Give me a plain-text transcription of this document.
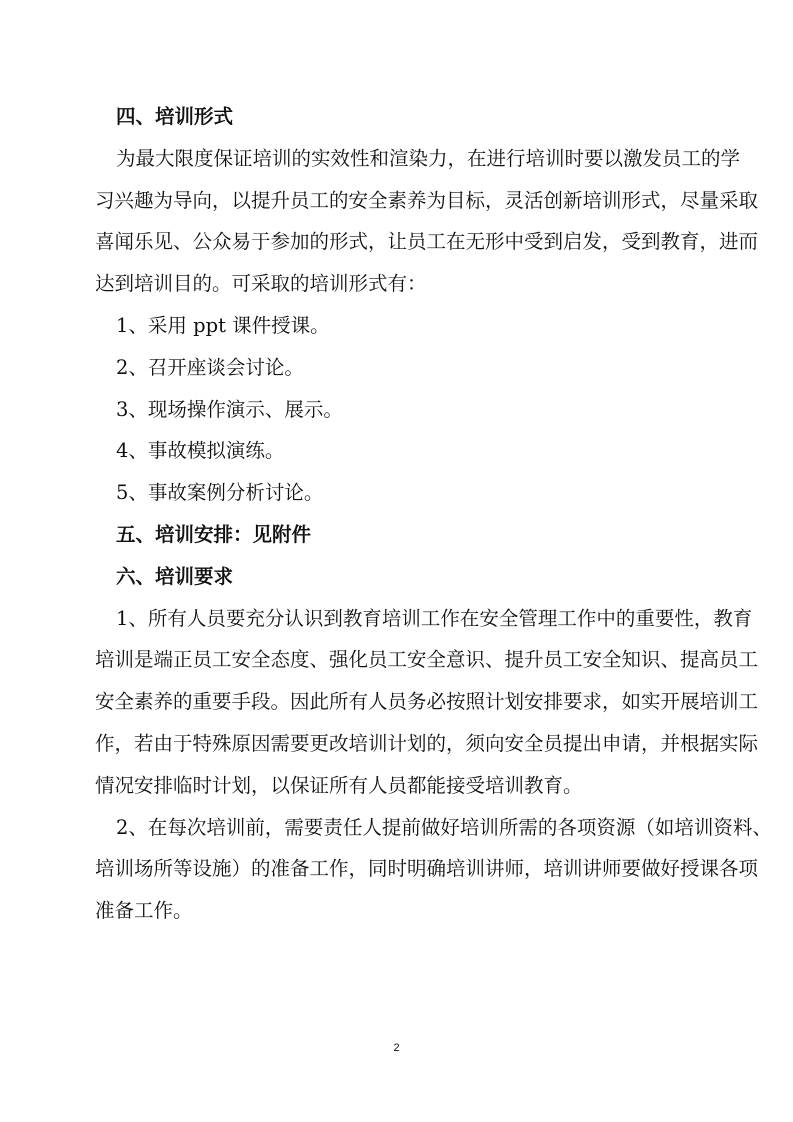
四、培训形式
为最大限度保证培训的实效性和渲染力，在进行培训时要以激发员工的学
习兴趣为导向，以提升员工的安全素养为目标，灵活创新培训形式，尽量采取
喜闻乐见、公众易于参加的形式，让员工在无形中受到启发，受到教育，进而
达到培训目的。可采取的培训形式有：
1、采用 ppt 课件授课。
2、召开座谈会讨论。
3、现场操作演示、展示。
4、事故模拟演练。
5、事故案例分析讨论。
五、培训安排：见附件
六、培训要求
1、所有人员要充分认识到教育培训工作在安全管理工作中的重要性，教育
培训是端正员工安全态度、强化员工安全意识、提升员工安全知识、提高员工
安全素养的重要手段。因此所有人员务必按照计划安排要求，如实开展培训工
作，若由于特殊原因需要更改培训计划的，须向安全员提出申请，并根据实际
情况安排临时计划，以保证所有人员都能接受培训教育。
2、在每次培训前，需要责任人提前做好培训所需的各项资源（如培训资料、
培训场所等设施）的准备工作，同时明确培训讲师，培训讲师要做好授课各项
准备工作。
2
